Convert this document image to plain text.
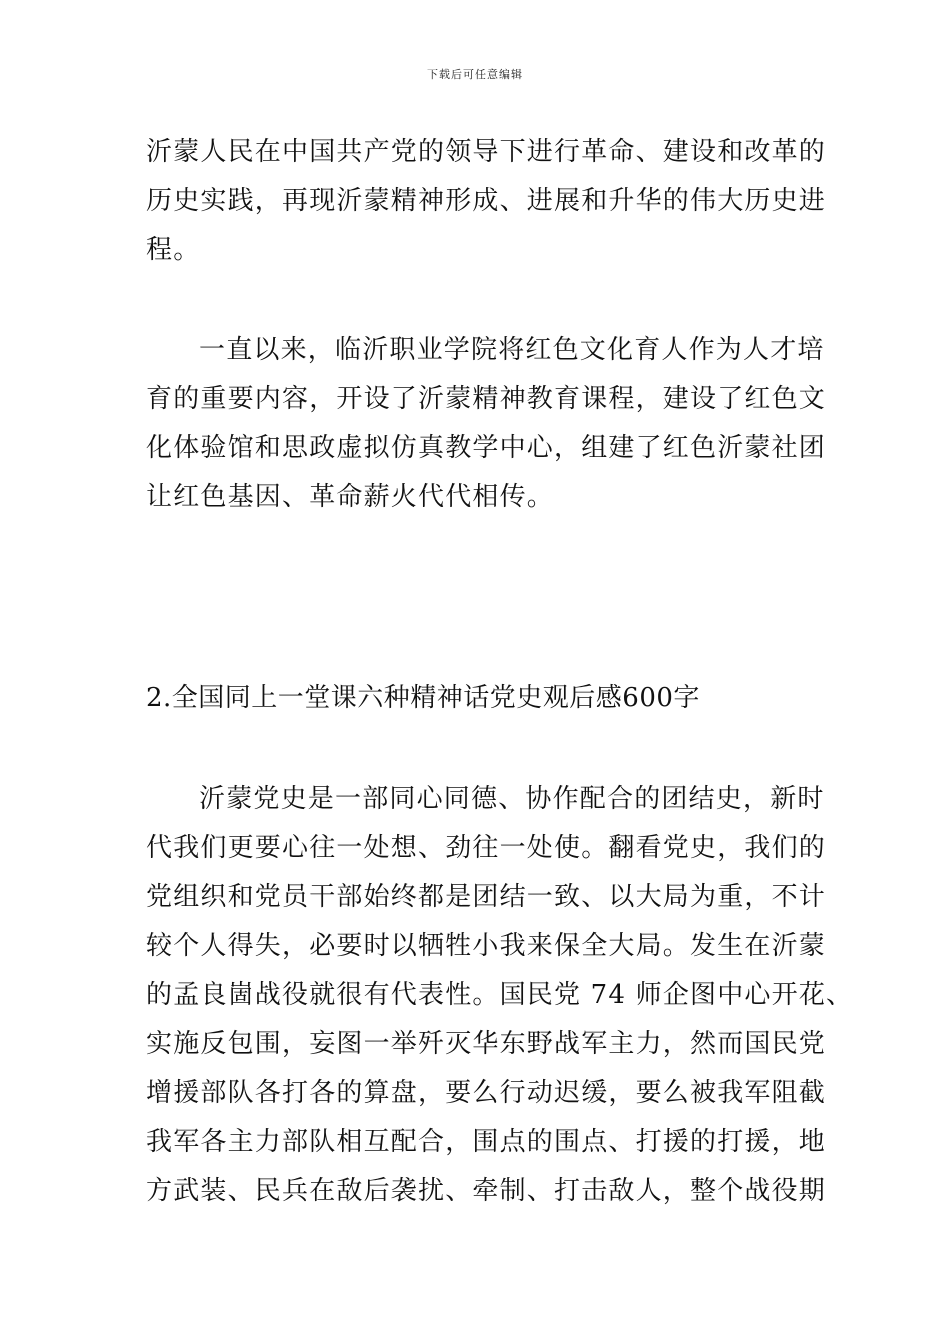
下载后可任意编辑
沂蒙人民在中国共产党的领导下进行革命、建设和改革的
历史实践，再现沂蒙精神形成、进展和升华的伟大历史进
程。
一直以来，临沂职业学院将红色文化育人作为人才培
育的重要内容，开设了沂蒙精神教育课程，建设了红色文
化体验馆和思政虚拟仿真教学中心，组建了红色沂蒙社团
让红色基因、革命薪火代代相传。
2.全国同上一堂课六种精神话党史观后感600字
沂蒙党史是一部同心同德、协作配合的团结史，新时
代我们更要心往一处想、劲往一处使。翻看党史，我们的
党组织和党员干部始终都是团结一致、以大局为重，不计
较个人得失，必要时以牺牲小我来保全大局。发生在沂蒙
的孟良崮战役就很有代表性。国民党 74 师企图中心开花、
实施反包围，妄图一举歼灭华东野战军主力，然而国民党
增援部队各打各的算盘，要么行动迟缓，要么被我军阻截
我军各主力部队相互配合，围点的围点、打援的打援，地
方武装、民兵在敌后袭扰、牵制、打击敌人，整个战役期
